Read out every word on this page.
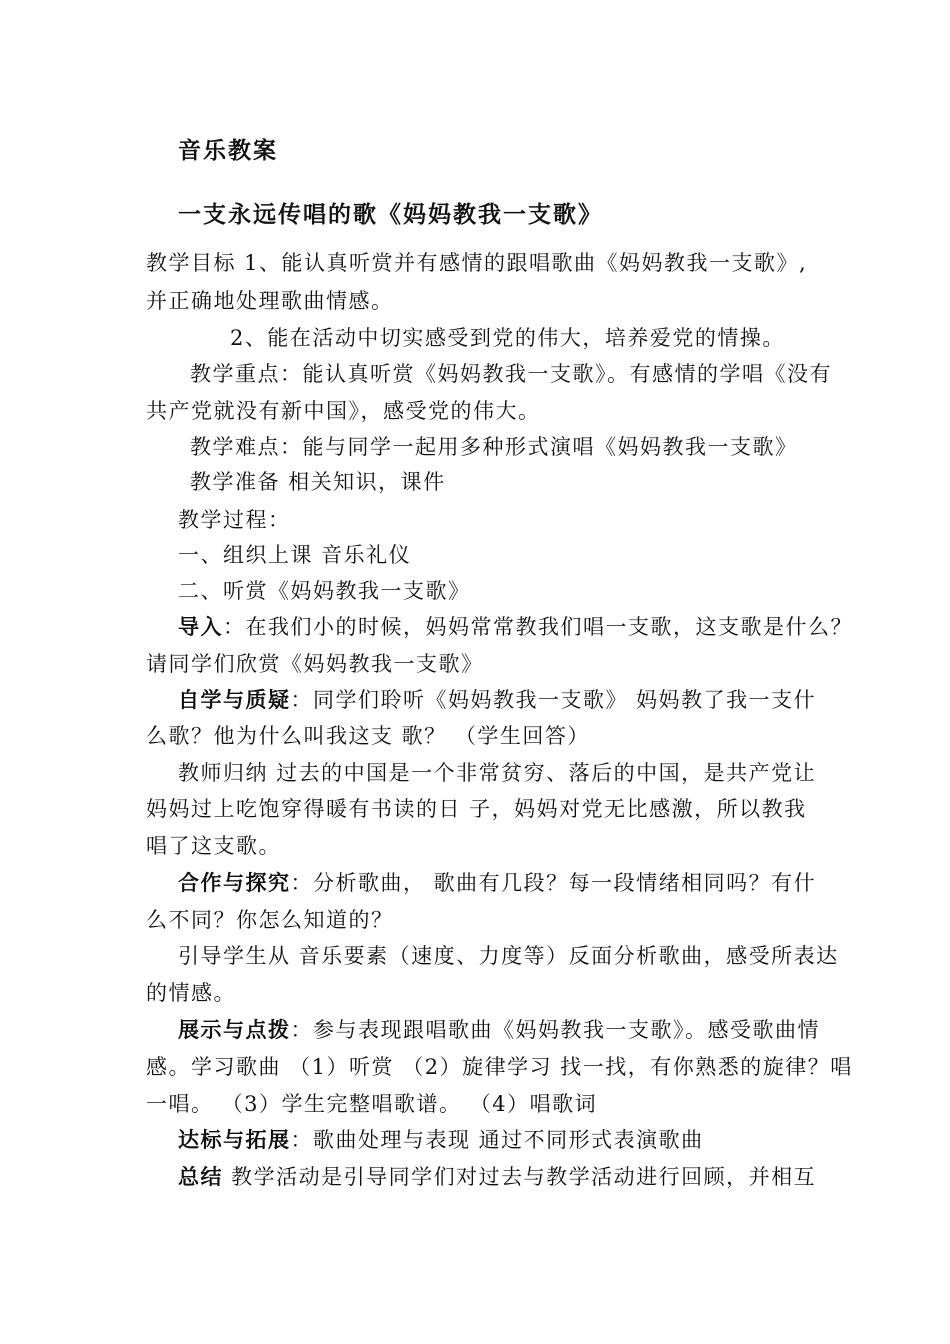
音乐教案
一支永远传唱的歌《妈妈教我一支歌》
教学目标 1、能认真听赏并有感情的跟唱歌曲《妈妈教我一支歌》,
并正确地处理歌曲情感。
2、能在活动中切实感受到党的伟大，培养爱党的情操。
教学重点：能认真听赏《妈妈教我一支歌》。有感情的学唱《没有
共产党就没有新中国》，感受党的伟大。
教学难点：能与同学一起用多种形式演唱《妈妈教我一支歌》
教学准备 相关知识，课件
教学过程：
一、组织上课 音乐礼仪
二、听赏《妈妈教我一支歌》
导入：在我们小的时候，妈妈常常教我们唱一支歌，这支歌是什么？
请同学们欣赏《妈妈教我一支歌》
自学与质疑：同学们聆听《妈妈教我一支歌》 妈妈教了我一支什
么歌？他为什么叫我这支 歌？ （学生回答）
教师归纳 过去的中国是一个非常贫穷、落后的中国，是共产党让
妈妈过上吃饱穿得暖有书读的日 子，妈妈对党无比感激，所以教我
唱了这支歌。
合作与探究：分析歌曲， 歌曲有几段？每一段情绪相同吗？有什
么不同？你怎么知道的？
引导学生从 音乐要素（速度、力度等）反面分析歌曲，感受所表达
的情感。
展示与点拨：参与表现跟唱歌曲《妈妈教我一支歌》。感受歌曲情
感。学习歌曲 （1）听赏 （2）旋律学习 找一找，有你熟悉的旋律？唱
一唱。 （3）学生完整唱歌谱。 （4）唱歌词
达标与拓展：歌曲处理与表现 通过不同形式表演歌曲
总结 教学活动是引导同学们对过去与教学活动进行回顾，并相互
